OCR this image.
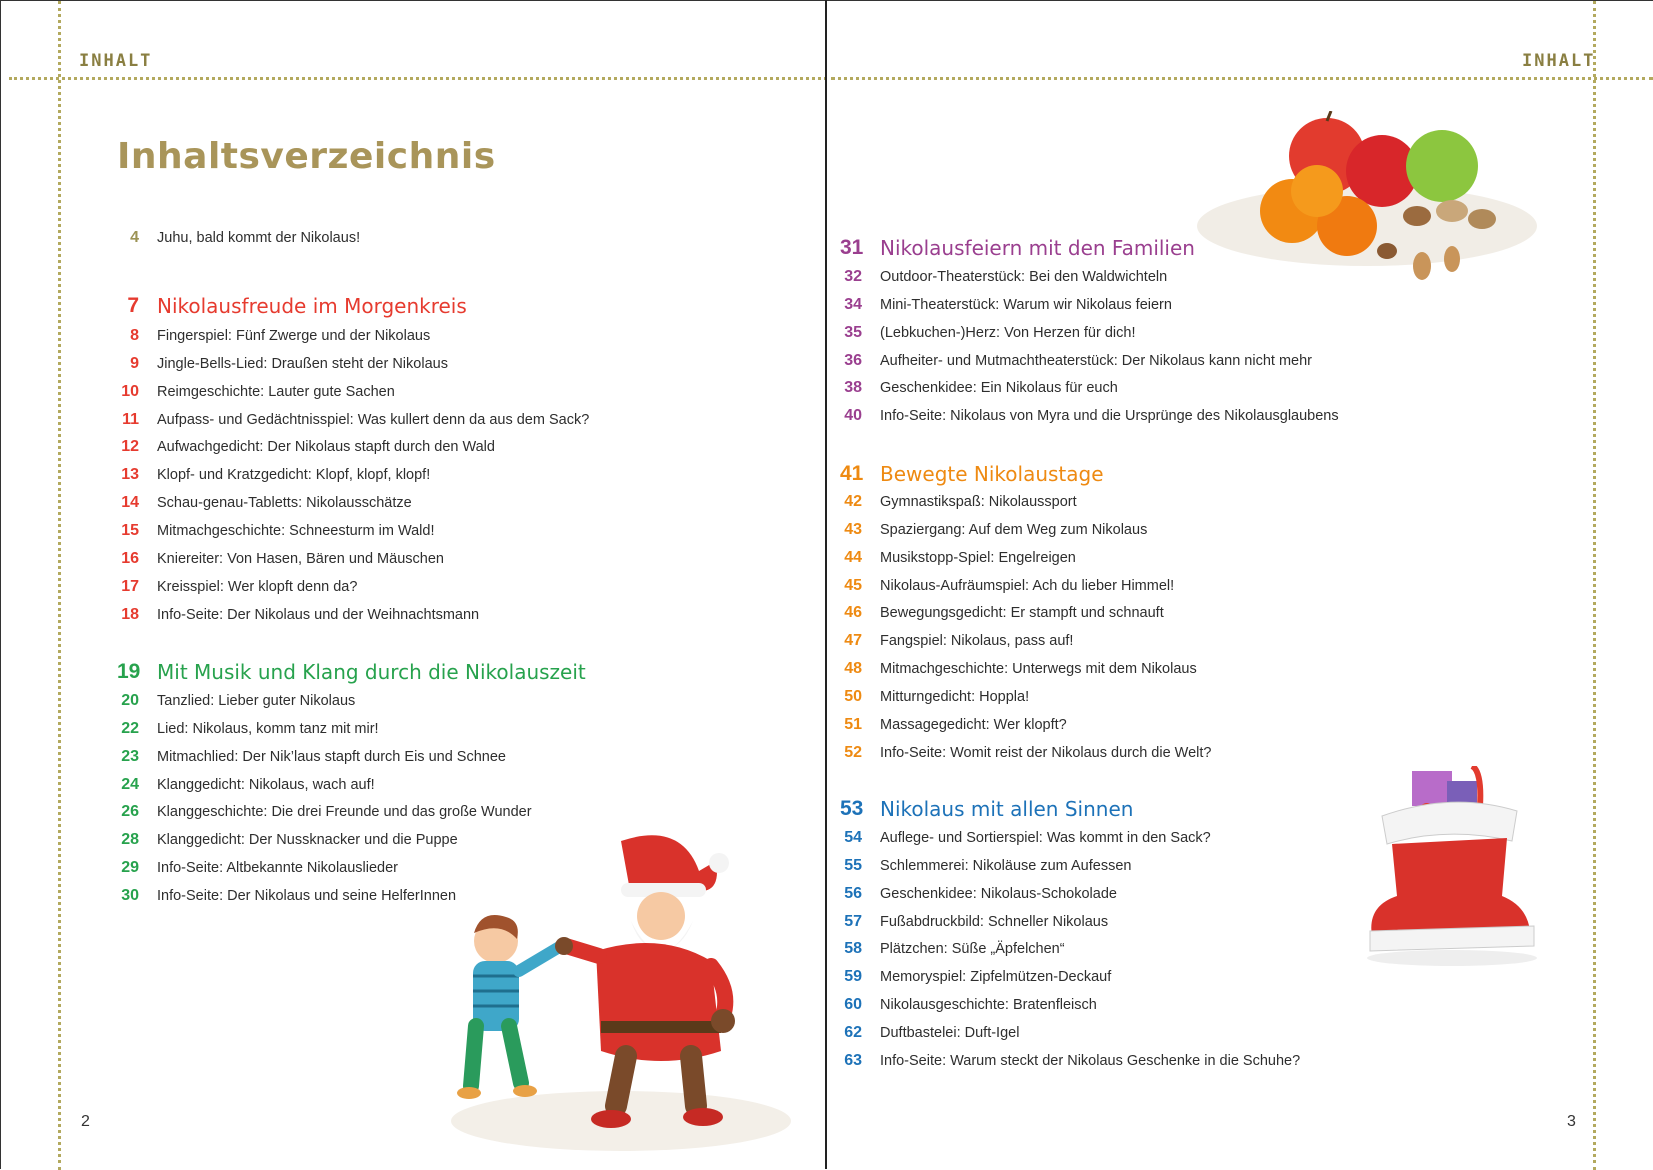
INHALT
Inhaltsverzeichnis
4 Juhu, bald kommt der Nikolaus!
7 Nikolausfreude im Morgenkreis
8 Fingerspiel: Fünf Zwerge und der Nikolaus
9 Jingle-Bells-Lied: Draußen steht der Nikolaus
10 Reimgeschichte: Lauter gute Sachen
11 Aufpass- und Gedächtnisspiel: Was kullert denn da aus dem Sack?
12 Aufwachgedicht: Der Nikolaus stapft durch den Wald
13 Klopf- und Kratzgedicht: Klopf, klopf, klopf!
14 Schau-genau-Tabletts: Nikolausschätze
15 Mitmachgeschichte: Schneesturm im Wald!
16 Kniereiter: Von Hasen, Bären und Mäuschen
17 Kreisspiel: Wer klopft denn da?
18 Info-Seite: Der Nikolaus und der Weihnachtsmann
19 Mit Musik und Klang durch die Nikolauszeit
20 Tanzlied: Lieber guter Nikolaus
22 Lied: Nikolaus, komm tanz mit mir!
23 Mitmachlied: Der Nik’laus stapft durch Eis und Schnee
24 Klanggedicht: Nikolaus, wach auf!
26 Klanggeschichte: Die drei Freunde und das große Wunder
28 Klanggedicht: Der Nussknacker und die Puppe
29 Info-Seite: Altbekannte Nikolauslieder
30 Info-Seite: Der Nikolaus und seine HelferInnen
2
INHALT
31 Nikolausfeiern mit den Familien
32 Outdoor-Theaterstück: Bei den Waldwichteln
34 Mini-Theaterstück: Warum wir Nikolaus feiern
35 (Lebkuchen-)Herz: Von Herzen für dich!
36 Aufheiter- und Mutmachtheaterstück: Der Nikolaus kann nicht mehr
38 Geschenkidee: Ein Nikolaus für euch
40 Info-Seite: Nikolaus von Myra und die Ursprünge des Nikolausglaubens
41 Bewegte Nikolaustage
42 Gymnastikspaß: Nikolaussport
43 Spaziergang: Auf dem Weg zum Nikolaus
44 Musikstopp-Spiel: Engelreigen
45 Nikolaus-Aufräumspiel: Ach du lieber Himmel!
46 Bewegungsgedicht: Er stampft und schnauft
47 Fangspiel: Nikolaus, pass auf!
48 Mitmachgeschichte: Unterwegs mit dem Nikolaus
50 Mitturngedicht: Hoppla!
51 Massagegedicht: Wer klopft?
52 Info-Seite: Womit reist der Nikolaus durch die Welt?
53 Nikolaus mit allen Sinnen
54 Auflege- und Sortierspiel: Was kommt in den Sack?
55 Schlemmerei: Nikoläuse zum Aufessen
56 Geschenkidee: Nikolaus-Schokolade
57 Fußabdruckbild: Schneller Nikolaus
58 Plätzchen: Süße „Äpfelchen“
59 Memoryspiel: Zipfelmützen-Deckauf
60 Nikolausgeschichte: Bratenfleisch
62 Duftbastelei: Duft-Igel
63 Info-Seite: Warum steckt der Nikolaus Geschenke in die Schuhe?
3
